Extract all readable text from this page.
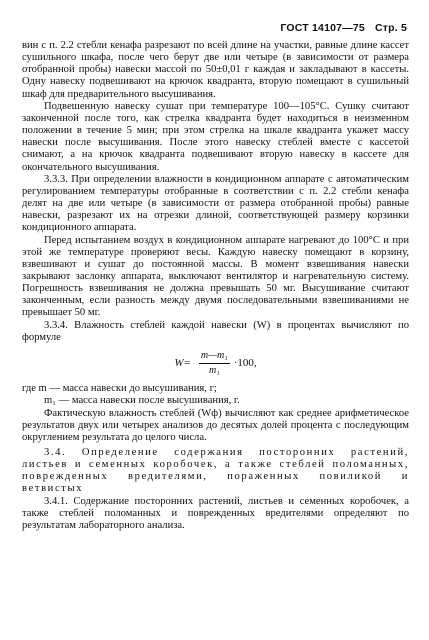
ГОСТ 14107—75 Стр. 5

вин с п. 2.2 стебли кенафа разрезают по всей длине на участки, равные длине кассет сушильного шкафа, после чего берут две или четыре (в зависимости от размера отобранной пробы) навески массой по 50±0,01 г каждая и закладывают в кассеты. Одну навеску подвешивают на крючок квадранта, вторую помещают в сушильный шкаф для предварительного высушивания.

Подвешенную навеску сушат при температуре 100—105°С. Сушку считают законченной после того, как стрелка квадранта будет находиться в неизменном положении в течение 5 мин; при этом стрелка на шкале квадранта укажет массу навески после высушивания. После этого навеску стеблей вместе с кассетой снимают, а на крючок квадранта подвешивают вторую навеску в кассете для окончательного высушивания.

3.3.3. При определении влажности в кондиционном аппарате с автоматическим регулированием температуры отобранные в соответствии с п. 2.2 стебли кенафа делят на две или четыре (в зависимости от размера отобранной пробы) равные навески, разрезают их на отрезки длиной, соответствующей размеру корзинки кондиционного аппарата.

Перед испытанием воздух в кондиционном аппарате нагревают до 100°С и при этой же температуре проверяют весы. Каждую навеску помещают в корзину, взвешивают и сушат до постоянной массы. В момент взвешивания навески закрывают заслонку аппарата, выключают вентилятор и нагревательную систему. Погрешность взвешивания не должна превышать 50 мг. Высушивание считают законченным, если разность между двумя последовательными взвешиваниями не превышает 50 мг.

3.3.4. Влажность стеблей каждой навески (W) в процентах вычисляют по формуле

$W= \frac{\text{m—m₁}}{\text{m₁}} \cdot 100$,

где m — масса навески до высушивания, г;

m₁ — масса навески после высушивания, г.

Фактическую влажность стеблей (Wф) вычисляют как среднее арифметическое результатов двух или четырех анализов до десятых долей процента с последующим округлением результата до целого числа.

3.4. Определение содержания посторонних растений, листьев и семенных коробочек, а также стеблей поломанных, поврежденных вредителями, пораженных повиликой и ветвистых

3.4.1. Содержание посторонних растений, листьев и семенных коробочек, а также стеблей поломанных и поврежденных вредителями определяют по результатам лабораторного анализа.
